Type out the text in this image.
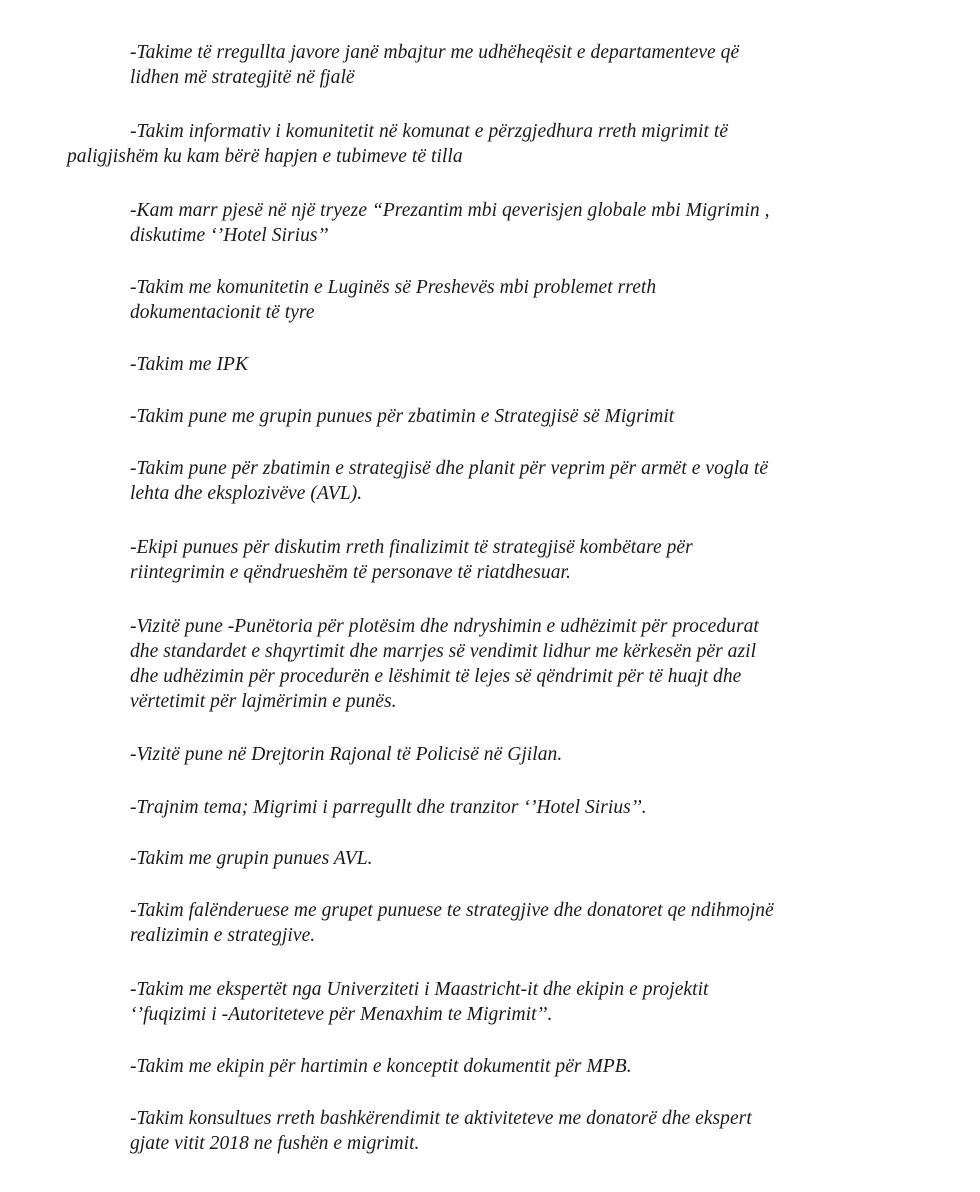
-Takime të rregullta javore janë mbajtur me udhëheqësit e departamenteve që
lidhen më strategjitë në fjalë
-Takim informativ i komunitetit në komunat e përzgjedhura rreth migrimit të
paligjishëm ku kam bërë hapjen e tubimeve të tilla
-Kam marr pjesë në një tryeze “Prezantim mbi qeverisjen globale mbi Migrimin ,
diskutime ‘’Hotel Sirius’’
-Takim me komunitetin e Luginës së Preshevës mbi problemet rreth
dokumentacionit të tyre
-Takim me IPK
-Takim pune me grupin punues për zbatimin e Strategjisë së Migrimit
-Takim pune për zbatimin e strategjisë dhe planit për veprim për armët e vogla të
lehta dhe eksplozivëve (AVL).
-Ekipi punues për diskutim rreth finalizimit të strategjisë kombëtare për
riintegrimin e qëndrueshëm të personave të riatdhesuar.
-Vizitë pune -Punëtoria për plotësim dhe ndryshimin e udhëzimit për procedurat
dhe standardet e shqyrtimit dhe marrjes së vendimit lidhur me kërkesën për azil
dhe udhëzimin për procedurën e lëshimit të lejes së qëndrimit për të huajt dhe
vërtetimit për lajmërimin e punës.
-Vizitë pune në Drejtorin Rajonal të Policisë në Gjilan.
-Trajnim tema; Migrimi i parregullt dhe tranzitor ‘’Hotel Sirius’’.
-Takim me grupin punues AVL.
-Takim falënderuese me grupet punuese te strategjive dhe donatoret qe ndihmojnë
realizimin e strategjive.
-Takim me ekspertët nga Univerziteti i Maastricht-it dhe ekipin e projektit
‘’fuqizimi i -Autoriteteve për Menaxhim te Migrimit’’.
-Takim me ekipin për hartimin e konceptit dokumentit për MPB.
-Takim konsultues rreth bashkërendimit te aktiviteteve me donatorë dhe ekspert
gjate vitit 2018 ne fushën e migrimit.
